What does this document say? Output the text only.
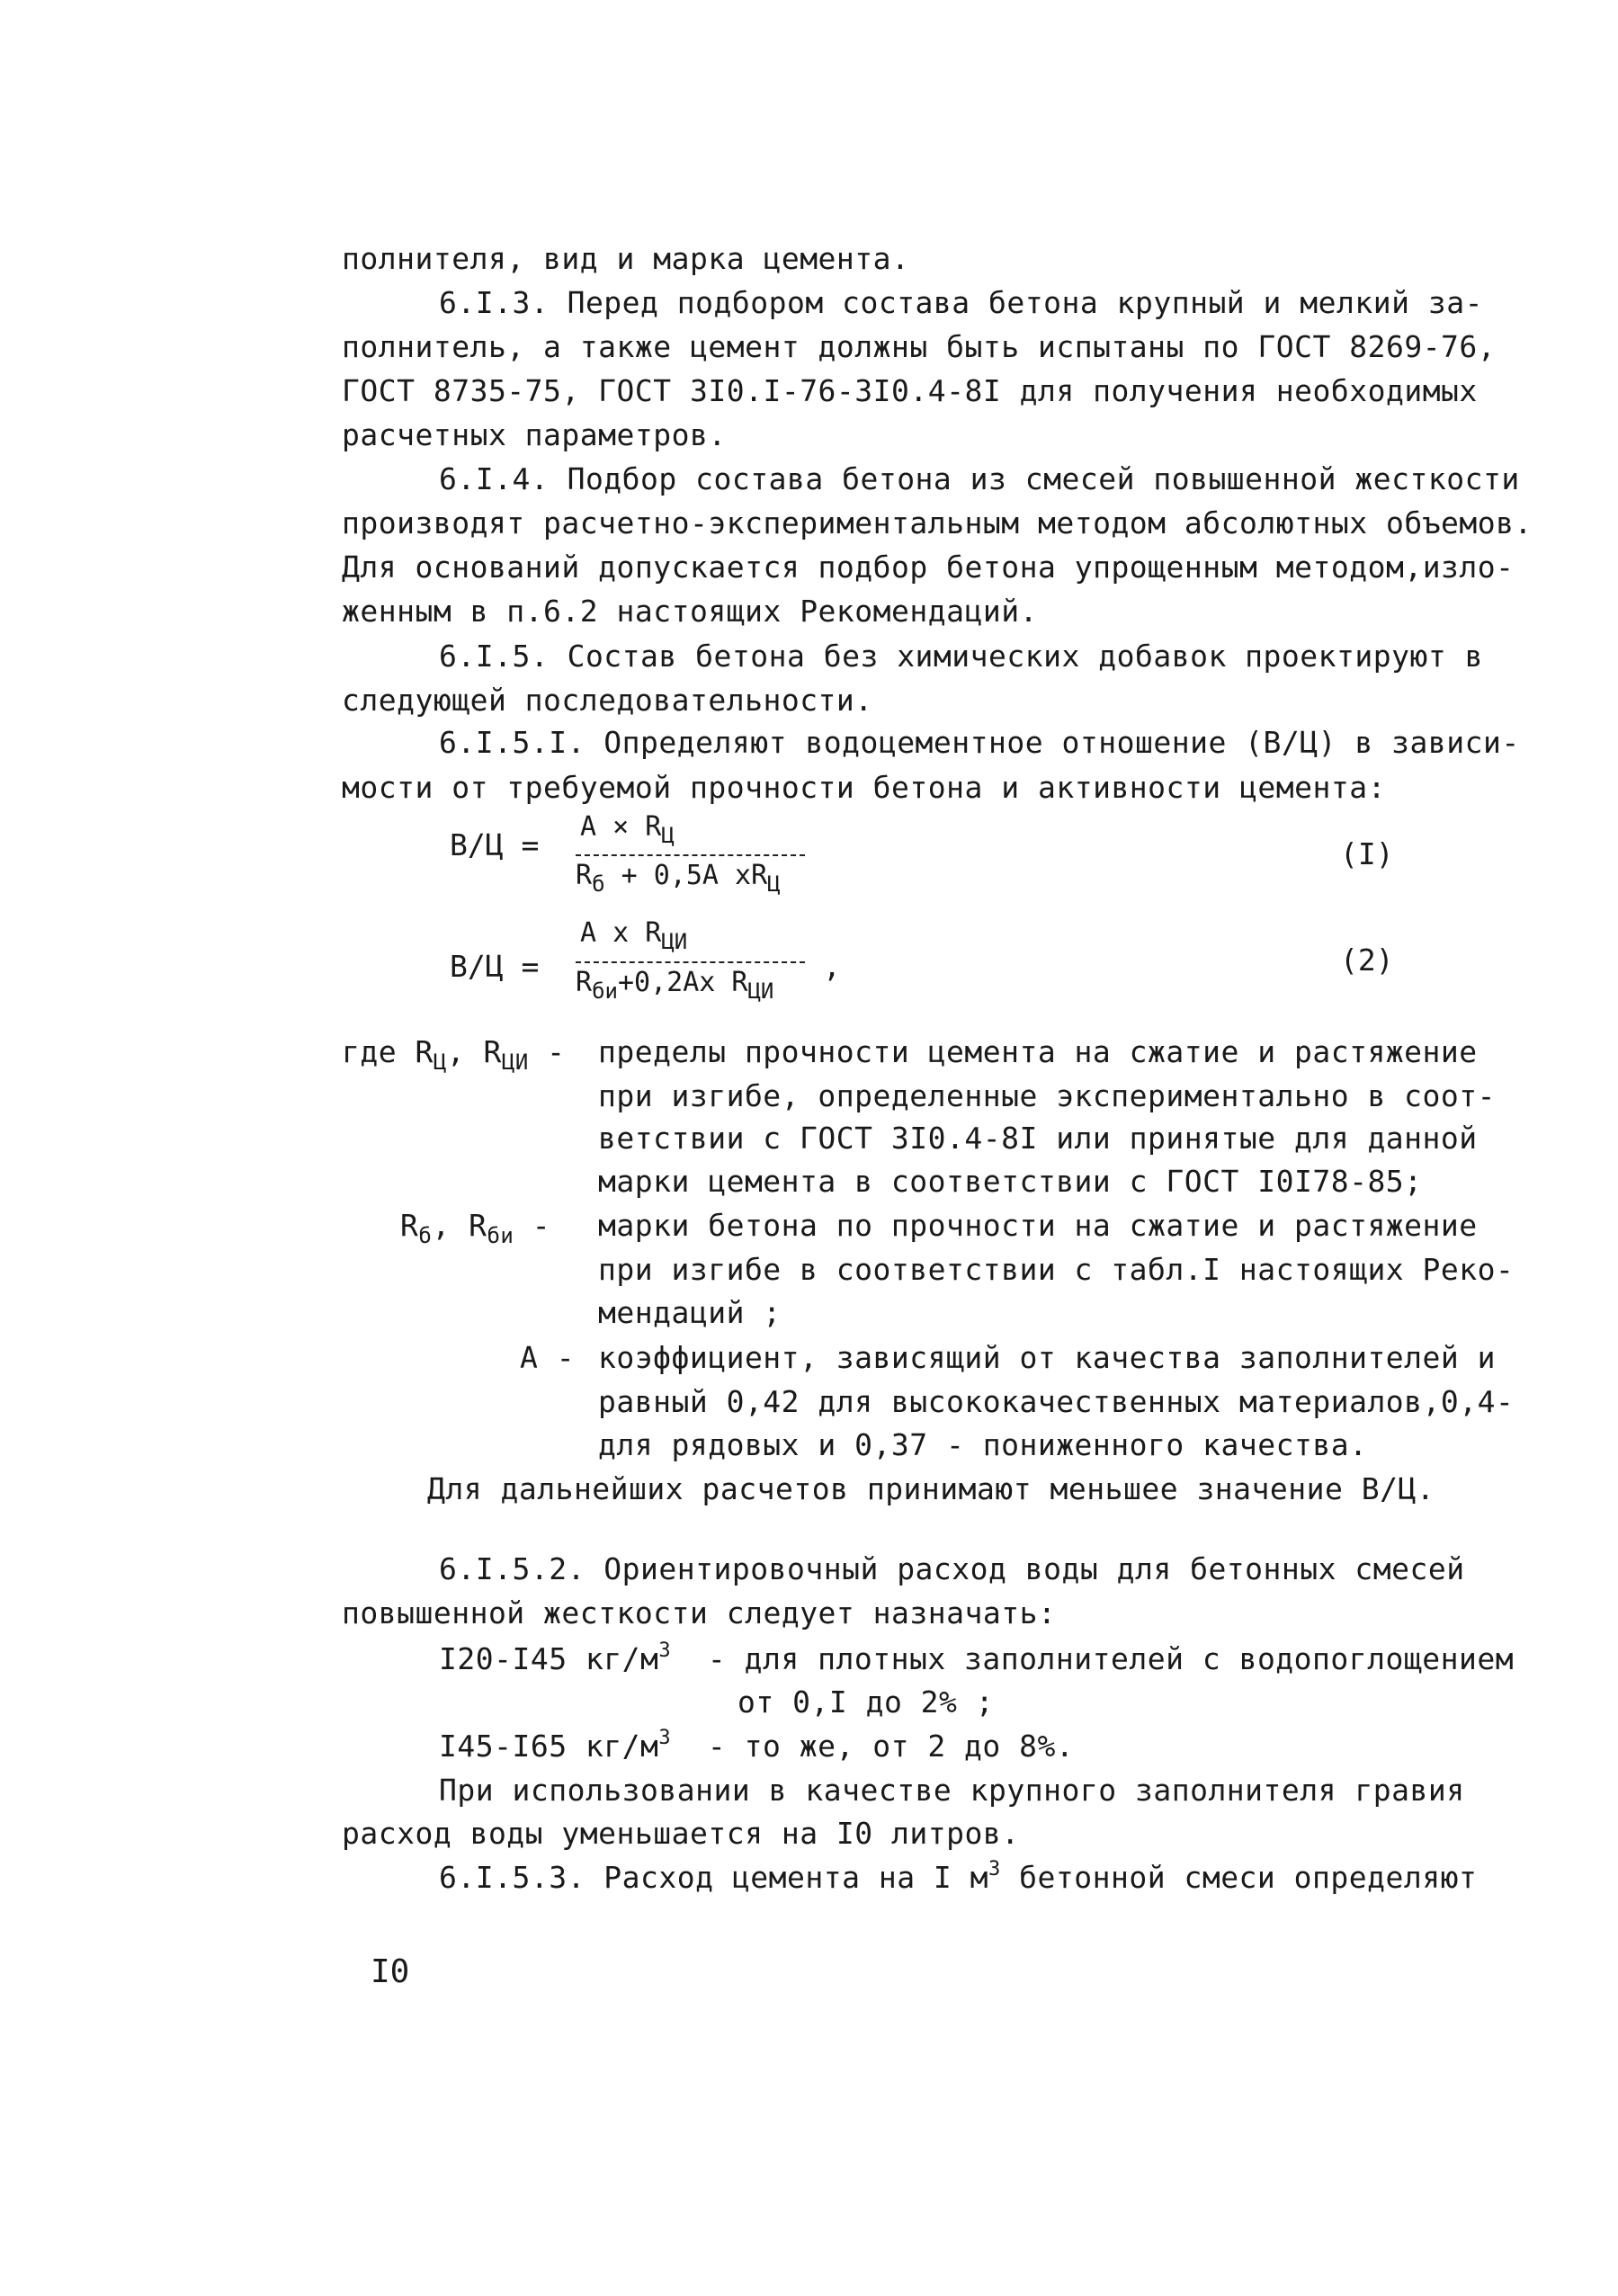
полнителя, вид и марка цемента.
6.I.3. Перед подбором состава бетона крупный и мелкий за-
полнитель, а также цемент должны быть испытаны по ГОСТ 8269-76,
ГОСТ 8735-75, ГОСТ 3I0.I-76-3I0.4-8I для получения необходимых
расчетных параметров.
6.I.4. Подбор состава бетона из смесей повышенной жесткости
производят расчетно-экспериментальным методом абсолютных объемов.
Для оснований допускается подбор бетона упрощенным методом,изло-
женным в п.6.2 настоящих Рекомендаций.
6.I.5. Состав бетона без химических добавок проектируют в
следующей последовательности.
6.I.5.I. Определяют водоцементное отношение (В/Ц) в зависи-
мости от требуемой прочности бетона и активности цемента:
В/Ц =
$A \times R_Ц$
$R_б + 0,5A$ $xR_Ц$
(I)
В/Ц =
A x $R_{ЦИ}$
$R_{би}+0,2Ax$ $R_{ЦИ}$
,	(2)
где $R_Ц$, $R_{ЦИ}$ - пределы прочности цемента на сжатие и растяжение
при изгибе, определенные экспериментально в соот-
ветствии с ГОСТ 3I0.4-8I или принятые для данной
марки цемента в соответствии с ГОСТ I0I78-85;
$R_б$, $R_{би}$ - марки бетона по прочности на сжатие и растяжение
при изгибе в соответствии с табл.I настоящих Реко-
мендаций ;
A - коэффициент, зависящий от качества заполнителей и
равный 0,42 для высококачественных материалов,0,4-
для рядовых и 0,37 - пониженного качества.
Для дальнейших расчетов принимают меньшее значение В/Ц.
6.I.5.2. Ориентировочный расход воды для бетонных смесей
повышенной жесткости следует назначать:
I20-I45 $кг/м^3$  - для плотных заполнителей с водопоглощением
от 0,I до 2% ;
I45-I65 $кг/м^3$  - то же, от 2 до 8%.
При использовании в качестве крупного заполнителя гравия
расход воды уменьшается на I0 литров.
6.I.5.3. Расход цемента на I $м^3$ бетонной смеси определяют
I0
